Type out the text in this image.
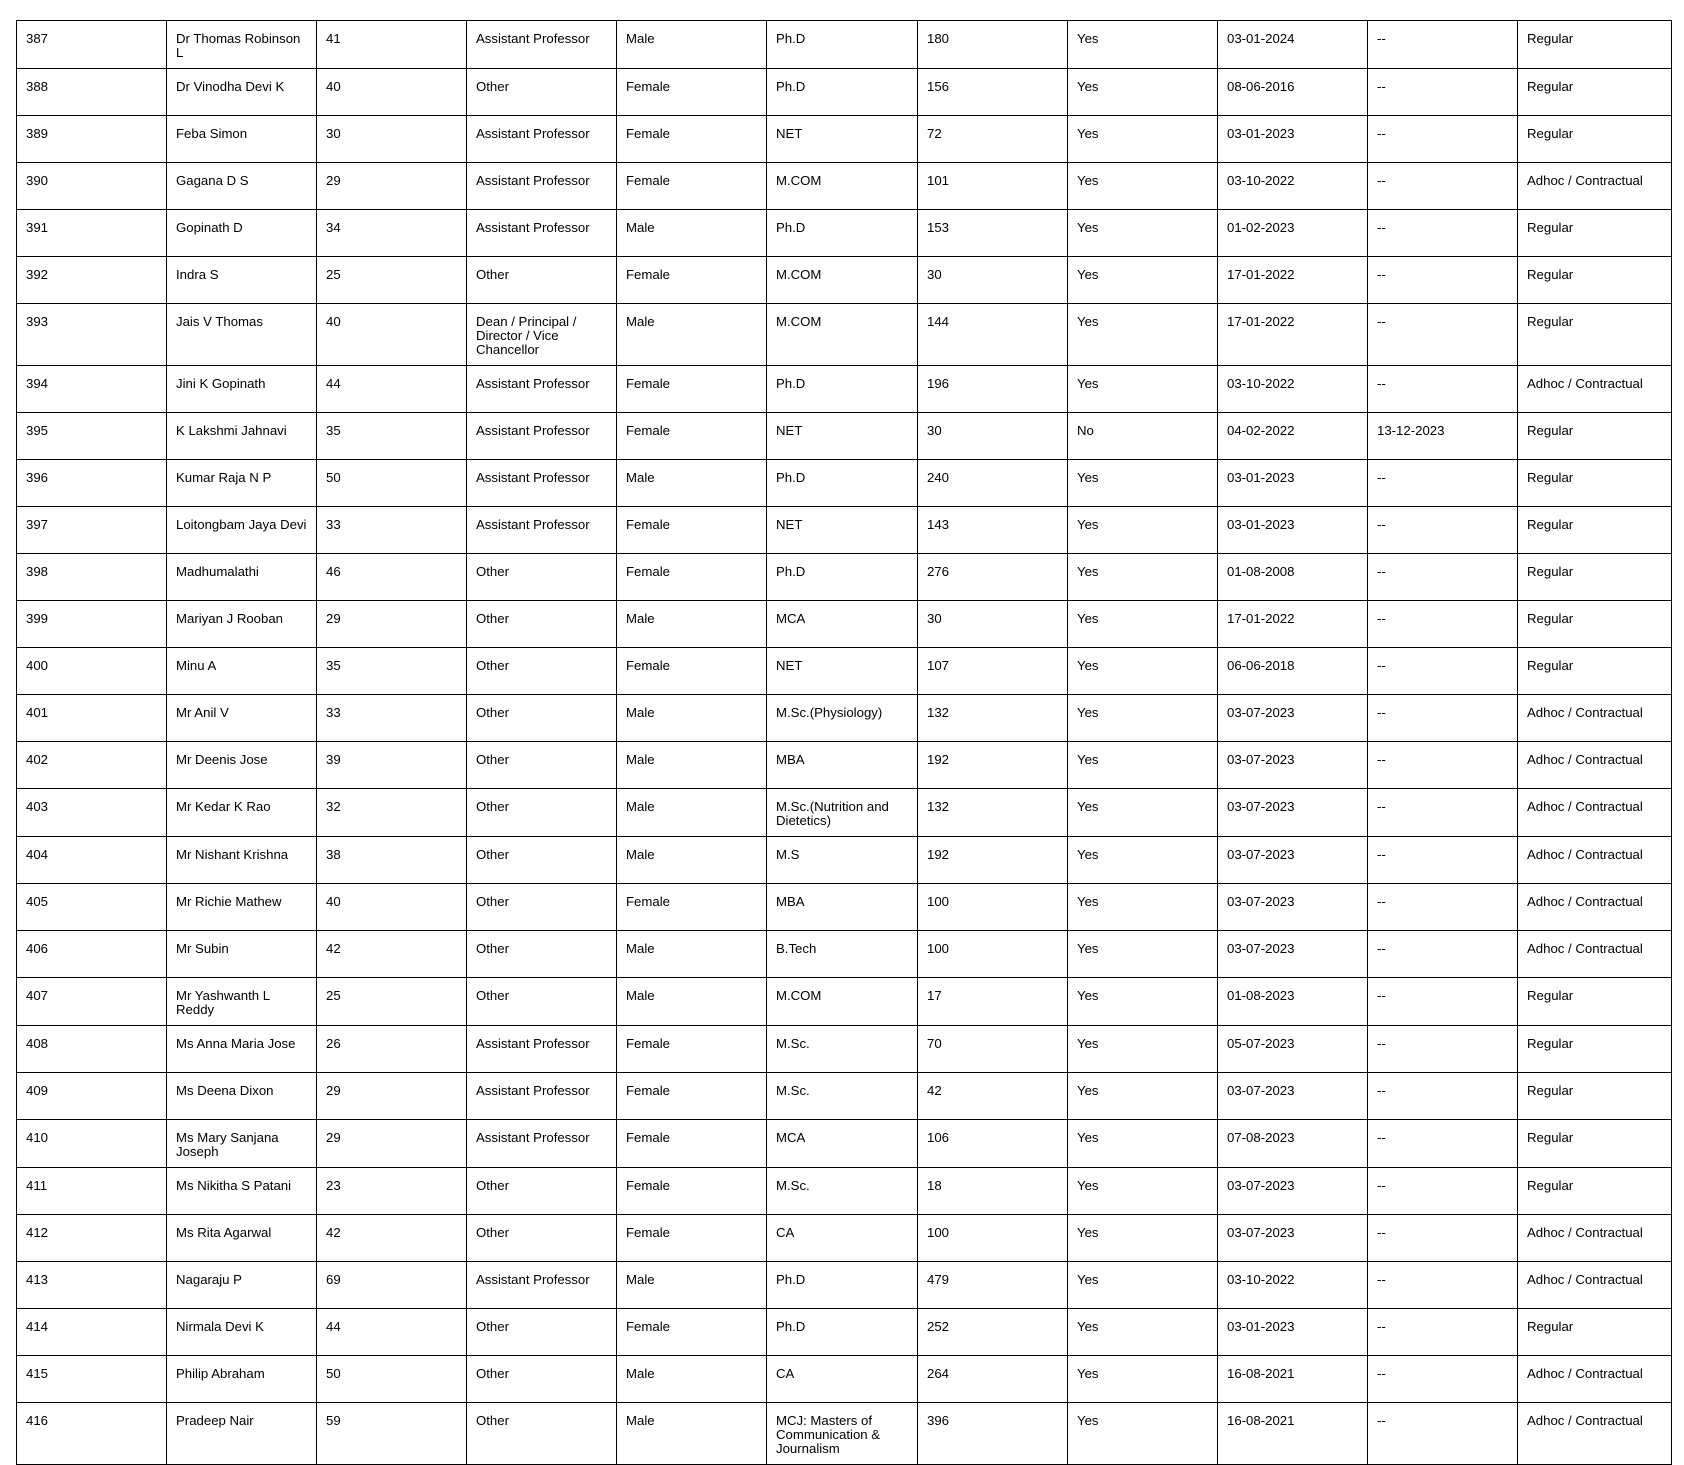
387	Dr Thomas Robinson L	41	Assistant Professor	Male	Ph.D	180	Yes	03-01-2024	--	Regular
388	Dr Vinodha Devi K	40	Other	Female	Ph.D	156	Yes	08-06-2016	--	Regular
389	Feba Simon	30	Assistant Professor	Female	NET	72	Yes	03-01-2023	--	Regular
390	Gagana D S	29	Assistant Professor	Female	M.COM	101	Yes	03-10-2022	--	Adhoc / Contractual
391	Gopinath D	34	Assistant Professor	Male	Ph.D	153	Yes	01-02-2023	--	Regular
392	Indra S	25	Other	Female	M.COM	30	Yes	17-01-2022	--	Regular
393	Jais V Thomas	40	Dean / Principal / Director / Vice Chancellor	Male	M.COM	144	Yes	17-01-2022	--	Regular
394	Jini K Gopinath	44	Assistant Professor	Female	Ph.D	196	Yes	03-10-2022	--	Adhoc / Contractual
395	K Lakshmi Jahnavi	35	Assistant Professor	Female	NET	30	No	04-02-2022	13-12-2023	Regular
396	Kumar Raja N P	50	Assistant Professor	Male	Ph.D	240	Yes	03-01-2023	--	Regular
397	Loitongbam Jaya Devi	33	Assistant Professor	Female	NET	143	Yes	03-01-2023	--	Regular
398	Madhumalathi	46	Other	Female	Ph.D	276	Yes	01-08-2008	--	Regular
399	Mariyan J Rooban	29	Other	Male	MCA	30	Yes	17-01-2022	--	Regular
400	Minu A	35	Other	Female	NET	107	Yes	06-06-2018	--	Regular
401	Mr Anil V	33	Other	Male	M.Sc.(Physiology)	132	Yes	03-07-2023	--	Adhoc / Contractual
402	Mr Deenis Jose	39	Other	Male	MBA	192	Yes	03-07-2023	--	Adhoc / Contractual
403	Mr Kedar K Rao	32	Other	Male	M.Sc.(Nutrition and Dietetics)	132	Yes	03-07-2023	--	Adhoc / Contractual
404	Mr Nishant Krishna	38	Other	Male	M.S	192	Yes	03-07-2023	--	Adhoc / Contractual
405	Mr Richie Mathew	40	Other	Female	MBA	100	Yes	03-07-2023	--	Adhoc / Contractual
406	Mr Subin	42	Other	Male	B.Tech	100	Yes	03-07-2023	--	Adhoc / Contractual
407	Mr Yashwanth L Reddy	25	Other	Male	M.COM	17	Yes	01-08-2023	--	Regular
408	Ms Anna Maria Jose	26	Assistant Professor	Female	M.Sc.	70	Yes	05-07-2023	--	Regular
409	Ms Deena Dixon	29	Assistant Professor	Female	M.Sc.	42	Yes	03-07-2023	--	Regular
410	Ms Mary Sanjana Joseph	29	Assistant Professor	Female	MCA	106	Yes	07-08-2023	--	Regular
411	Ms Nikitha S Patani	23	Other	Female	M.Sc.	18	Yes	03-07-2023	--	Regular
412	Ms Rita Agarwal	42	Other	Female	CA	100	Yes	03-07-2023	--	Adhoc / Contractual
413	Nagaraju P	69	Assistant Professor	Male	Ph.D	479	Yes	03-10-2022	--	Adhoc / Contractual
414	Nirmala Devi K	44	Other	Female	Ph.D	252	Yes	03-01-2023	--	Regular
415	Philip Abraham	50	Other	Male	CA	264	Yes	16-08-2021	--	Adhoc / Contractual
416	Pradeep Nair	59	Other	Male	MCJ: Masters of Communication & Journalism	396	Yes	16-08-2021	--	Adhoc / Contractual
